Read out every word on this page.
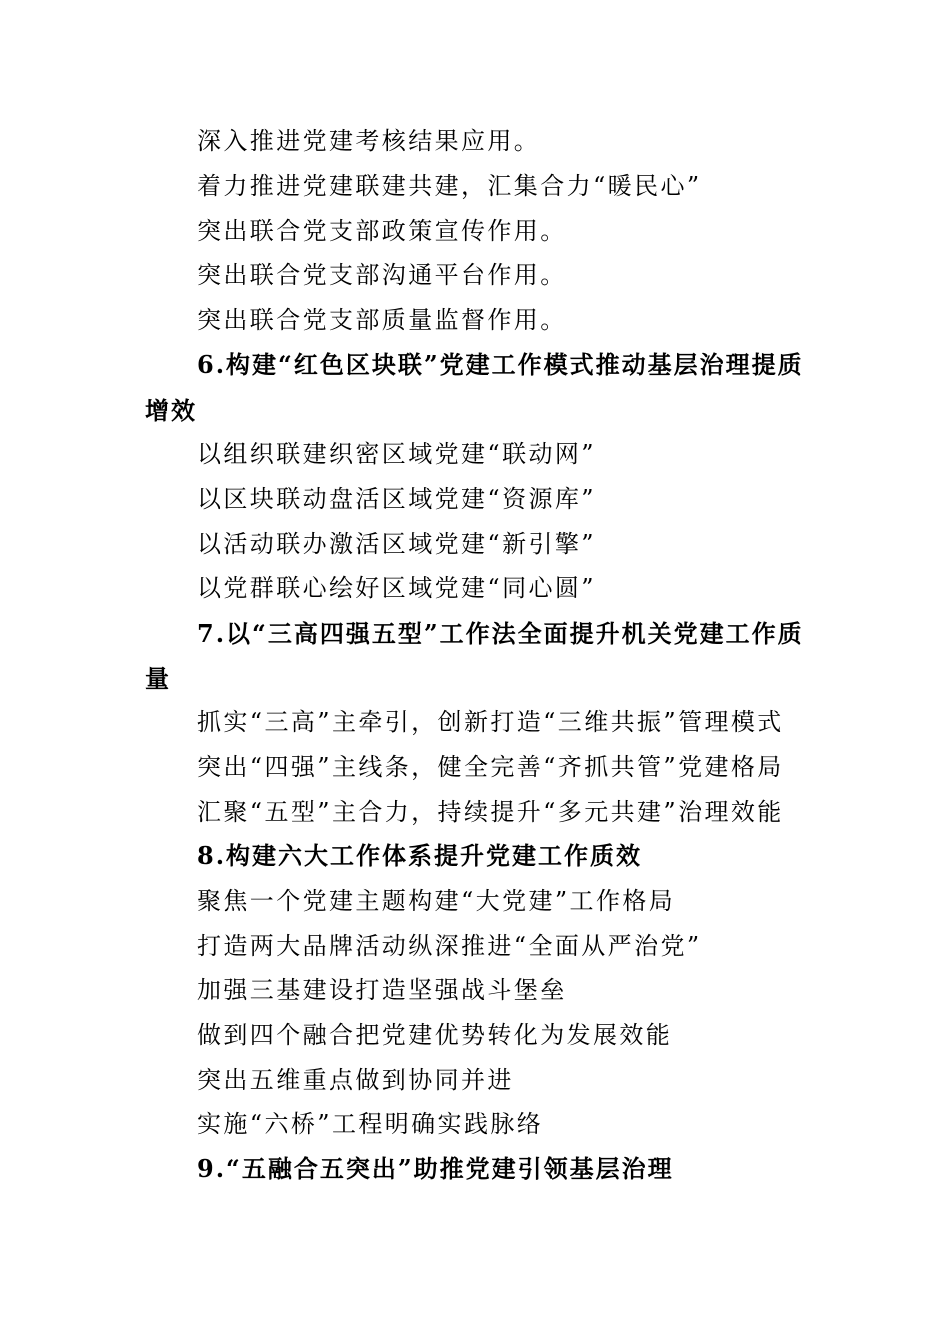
深入推进党建考核结果应用。
着力推进党建联建共建，汇集合力“暖民心”
突出联合党支部政策宣传作用。
突出联合党支部沟通平台作用。
突出联合党支部质量监督作用。
6.构建“红色区块联”党建工作模式推动基层治理提质
增效
以组织联建织密区域党建“联动网”
以区块联动盘活区域党建“资源库”
以活动联办激活区域党建“新引擎”
以党群联心绘好区域党建“同心圆”
7.以“三高四强五型”工作法全面提升机关党建工作质
量
抓实“三高”主牵引，创新打造“三维共振”管理模式
突出“四强”主线条，健全完善“齐抓共管”党建格局
汇聚“五型”主合力，持续提升“多元共建”治理效能
8.构建六大工作体系提升党建工作质效
聚焦一个党建主题构建“大党建”工作格局
打造两大品牌活动纵深推进“全面从严治党”
加强三基建设打造坚强战斗堡垒
做到四个融合把党建优势转化为发展效能
突出五维重点做到协同并进
实施“六桥”工程明确实践脉络
9.“五融合五突出”助推党建引领基层治理
